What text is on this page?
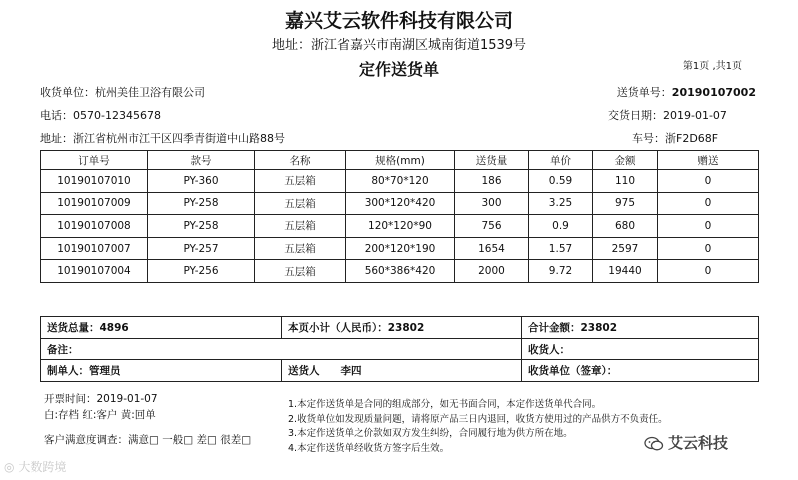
嘉兴艾云软件科技有限公司
地址：浙江省嘉兴市南湖区城南街道1539号
定作送货单	第1页 ,共1页
收货单位：杭州美佳卫浴有限公司
电话：0570-12345678
地址：浙江省杭州市江干区四季青街道中山路88号
送货单号：20190107002
交货日期：2019-01-07
车号：浙F2D68F
订单号	款号	名称	规格(mm)	送货量	单价	金额	赠送
10190107010	PY-360	五层箱	80*70*120	186	0.59	110	0
10190107009	PY-258	五层箱	300*120*420	300	3.25	975	0
10190107008	PY-258	五层箱	120*120*90	756	0.9	680	0
10190107007	PY-257	五层箱	200*120*190	1654	1.57	2597	0
10190107004	PY-256	五层箱	560*386*420	2000	9.72	19440	0
送货总量：4896	本页小计（人民币）：23802	合计金额：23802
备注：		收货人：
制单人：管理员	送货人　　李四	收货单位（签章）：
开票时间：2019-01-07
白:存档 红:客户 黄:回单
客户满意度调查：满意□ 一般□ 差□ 很差□
1.本定作送货单是合同的组成部分，如无书面合同，本定作送货单代合同。
2.收货单位如发现质量问题，请将原产品三日内退回，收货方使用过的产品供方不负责任。
3.本定作送货单之价款如双方发生纠纷，合同履行地为供方所在地。
4.本定作送货单经收货方签字后生效。
◎ 大数跨境
艾云科技
